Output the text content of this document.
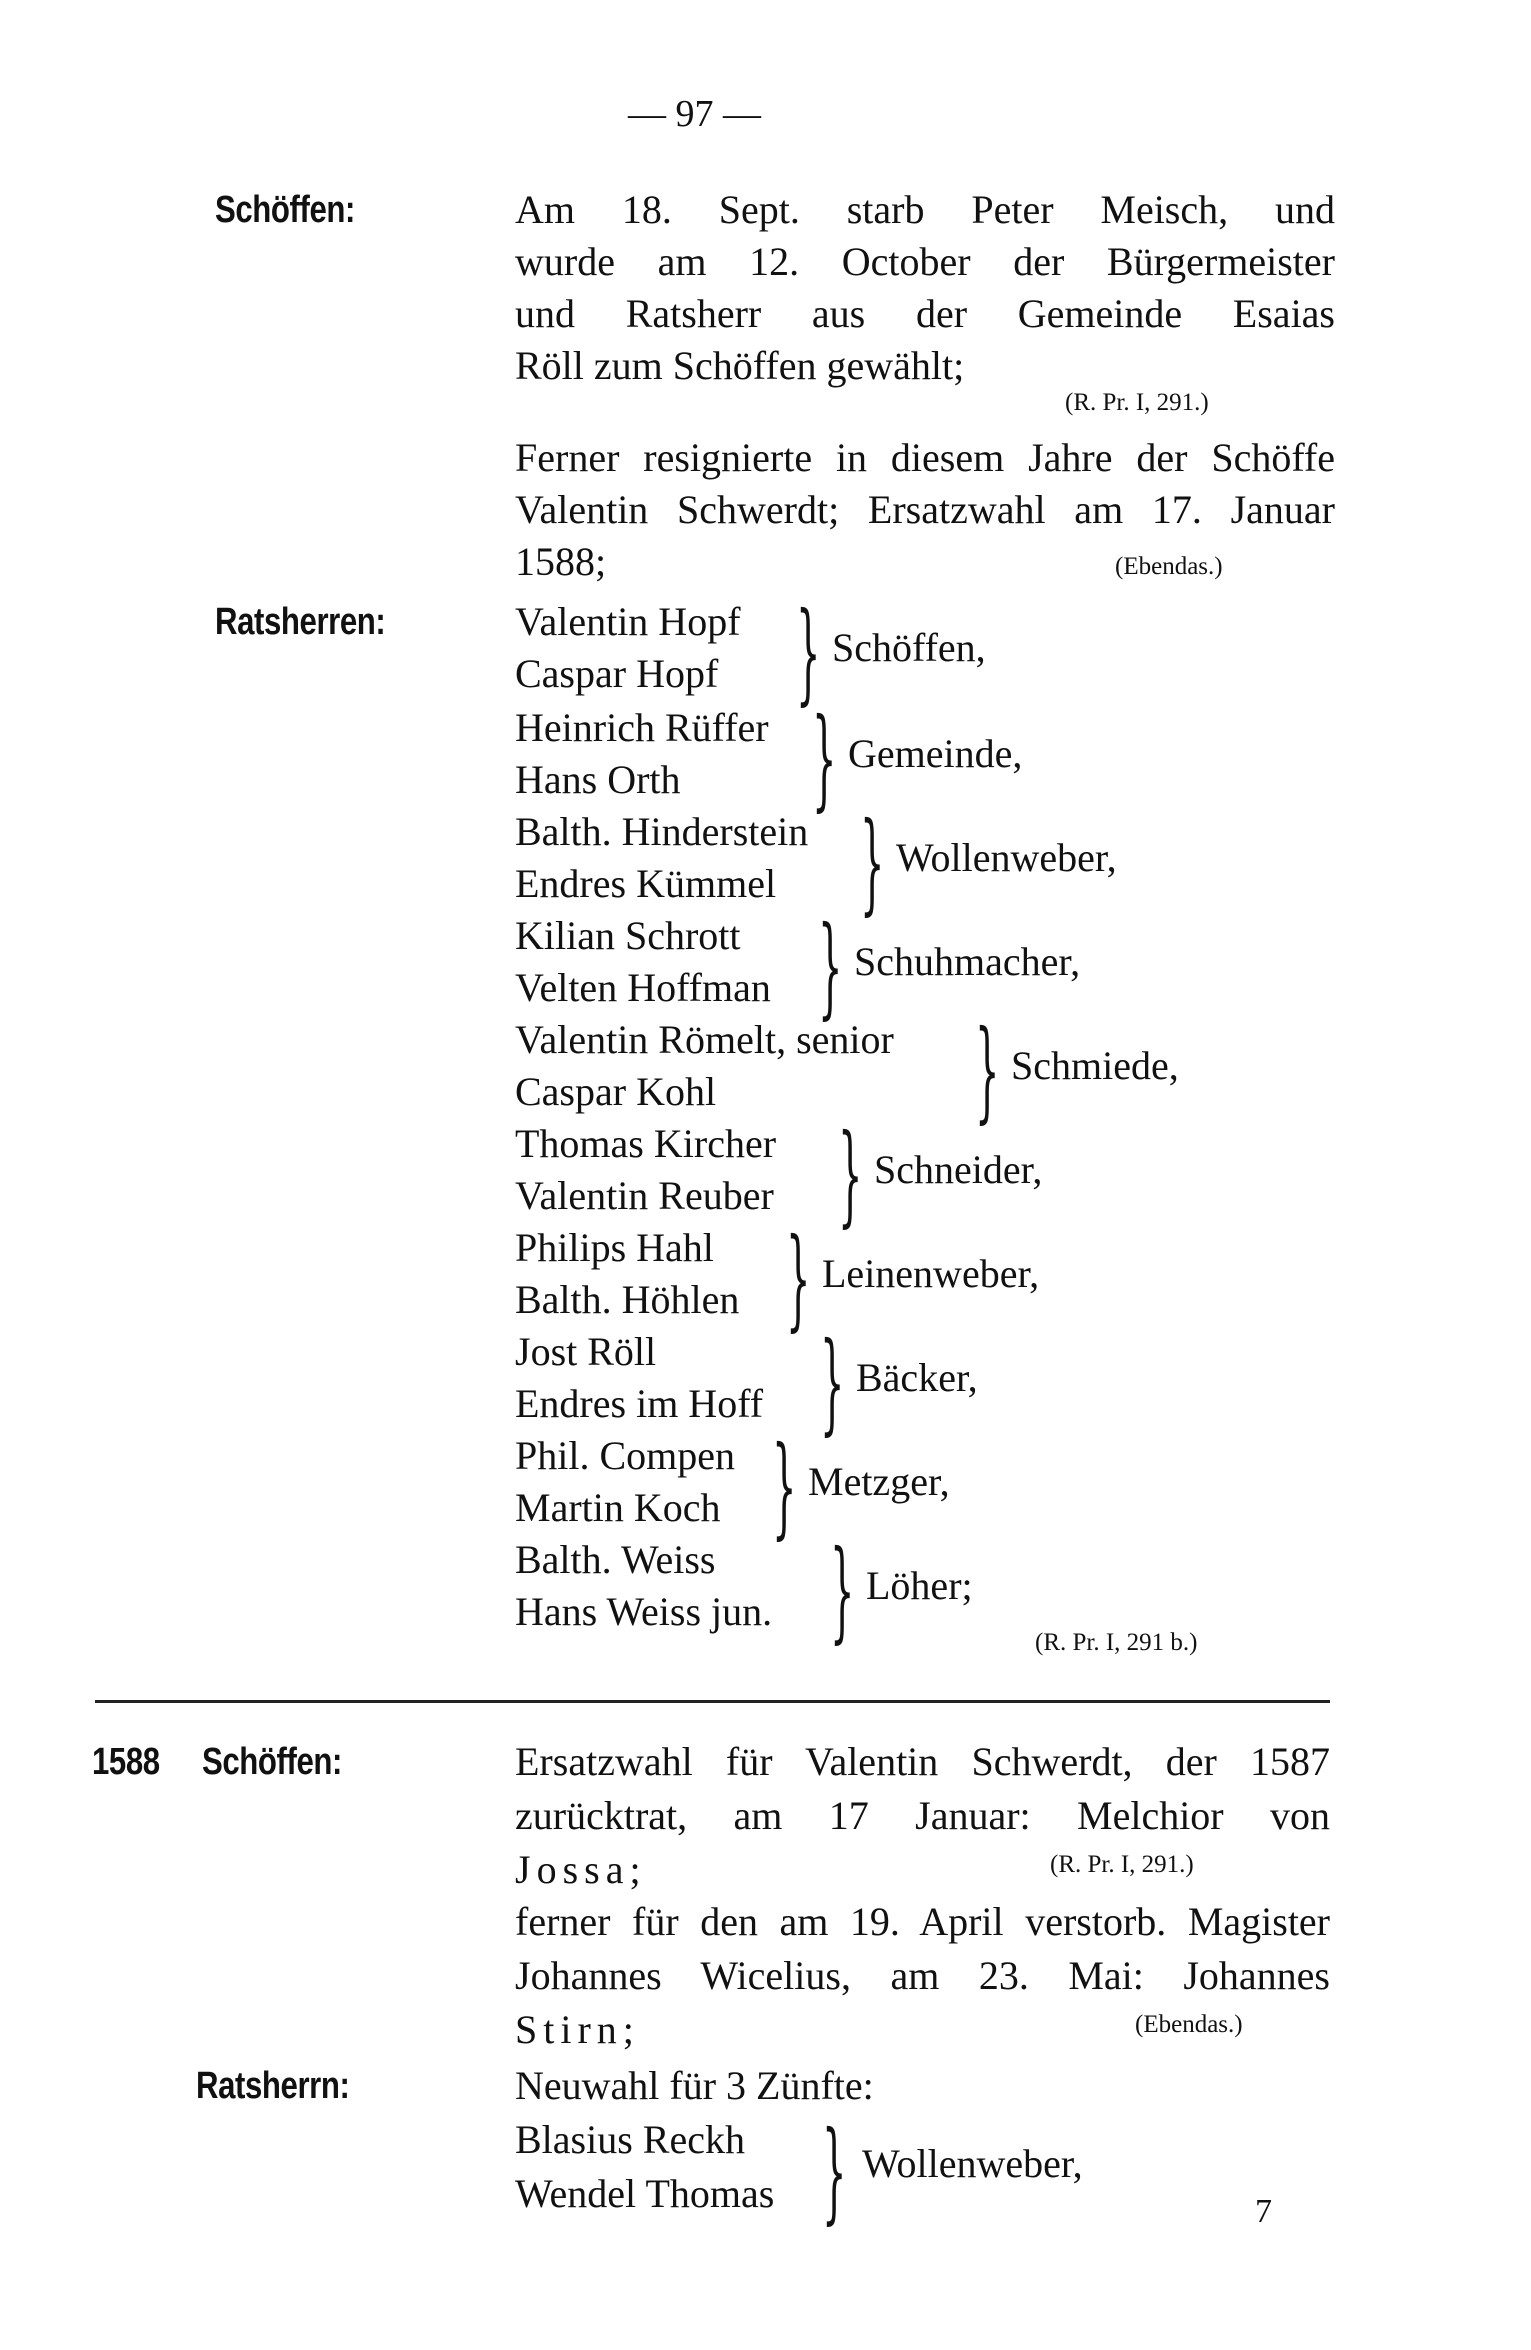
— 97 —
Schöffen:	Am 18. Sept. starb Peter Meisch, und
wurde am 12. October der Bürgermeister
und Ratsherr aus der Gemeinde Esaias
Röll zum Schöffen gewählt;
(R. Pr. I, 291.)
Ferner resignierte in diesem Jahre der Schöffe
Valentin Schwerdt; Ersatzwahl am 17. Januar
1588;	(Ebendas.)
Ratsherren:	Valentin Hopf
Caspar Hopf } Schöffen,
Heinrich Rüffer
Hans Orth } Gemeinde,
Balth. Hinderstein
Endres Kümmel } Wollenweber,
Kilian Schrott
Velten Hoffman } Schuhmacher,
Valentin Römelt, senior
Caspar Kohl } Schmiede,
Thomas Kircher
Valentin Reuber } Schneider,
Philips Hahl
Balth. Höhlen } Leinenweber,
Jost Röll
Endres im Hoff } Bäcker,
Phil. Compen
Martin Koch } Metzger,
Balth. Weiss
Hans Weiss jun. } Löher;
(R. Pr. I, 291 b.)
1588 Schöffen:	Ersatzwahl für Valentin Schwerdt, der 1587
zurücktrat, am 17 Januar: Melchior von
Jossa;	(R. Pr. I, 291.)
ferner für den am 19. April verstorb. Magister
Johannes Wicelius, am 23. Mai: Johannes
Stirn;	(Ebendas.)
Ratsherrn:	Neuwahl für 3 Zünfte:
Blasius Reckh
Wendel Thomas } Wollenweber,
7
